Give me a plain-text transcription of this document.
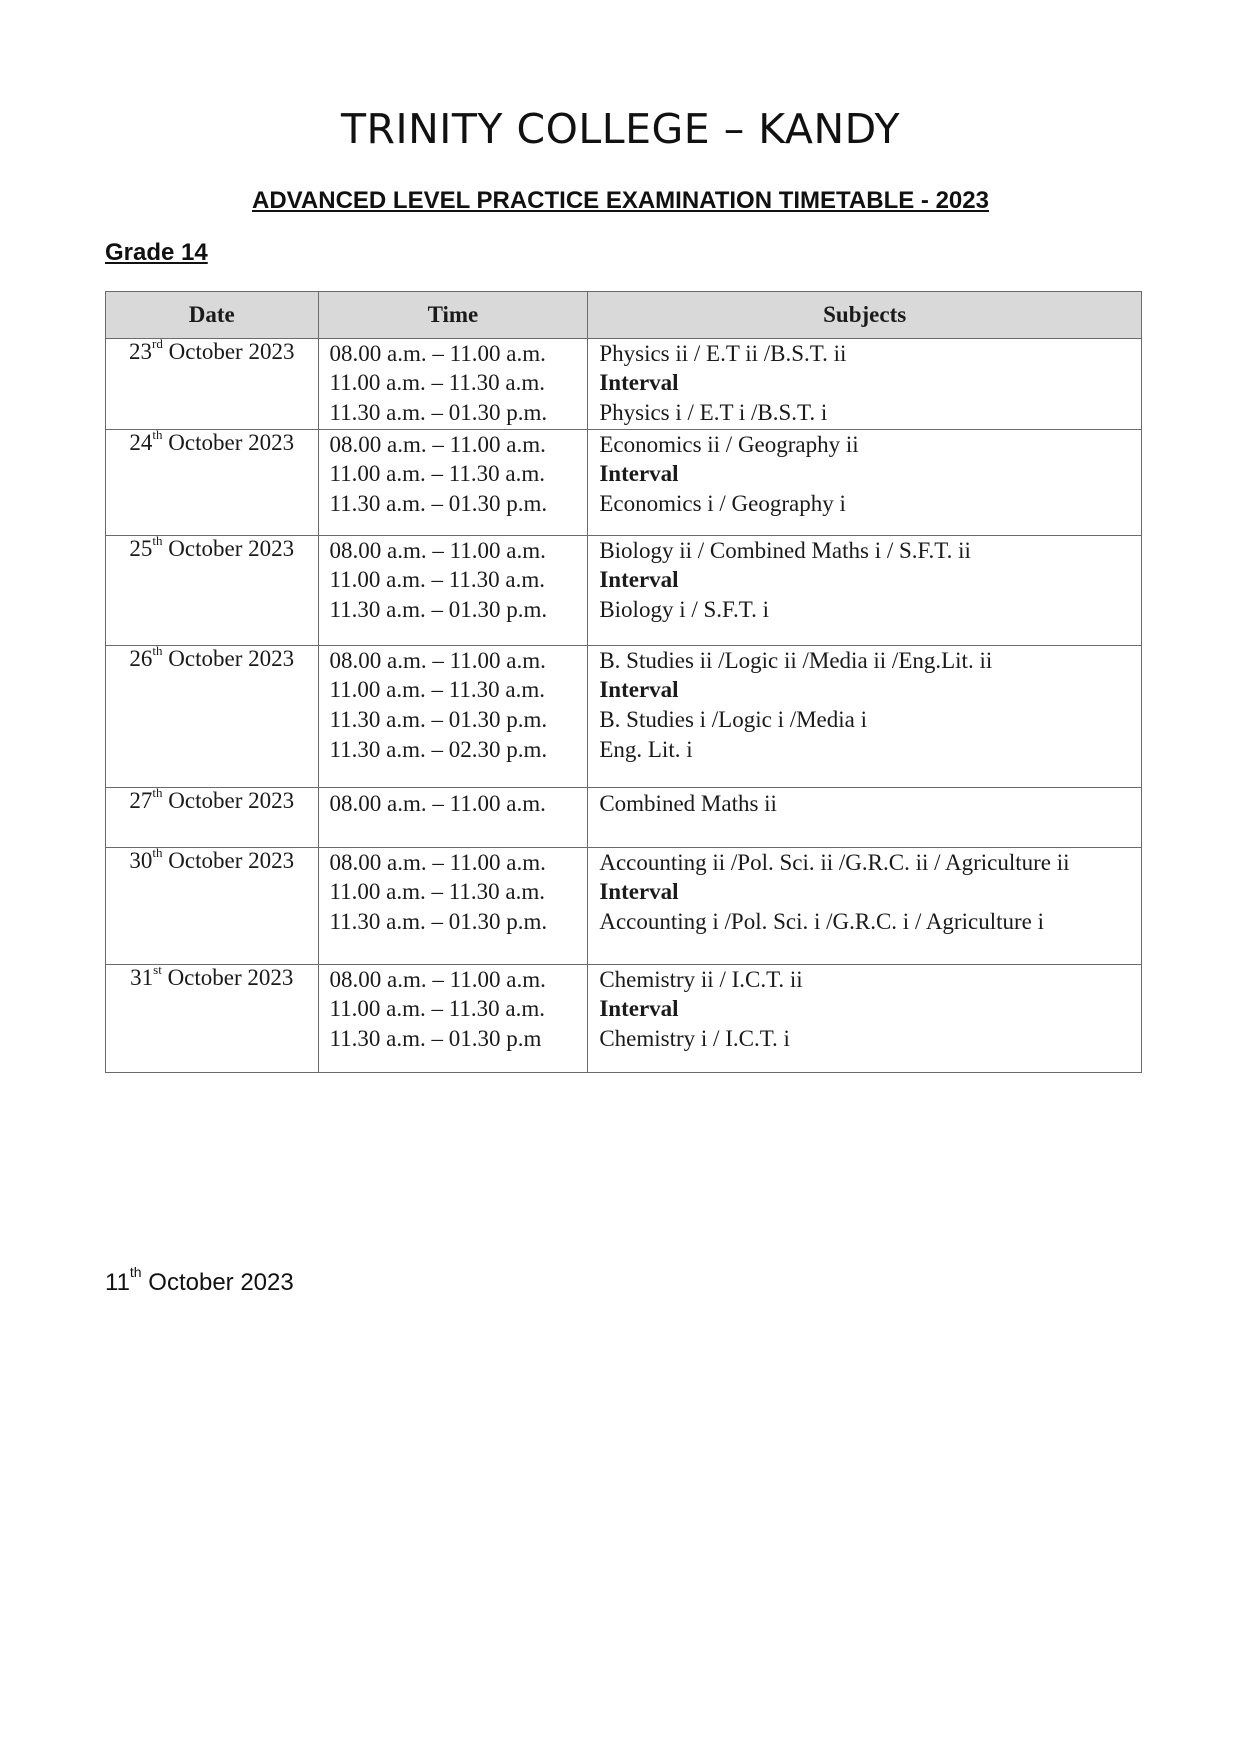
TRINITY COLLEGE – KANDY
ADVANCED LEVEL PRACTICE EXAMINATION TIMETABLE - 2023
Grade 14
Date	Time	Subjects
23rd October 2023	08.00 a.m. – 11.00 a.m.
11.00 a.m. – 11.30 a.m.
11.30 a.m. – 01.30 p.m.	Physics ii / E.T ii /B.S.T. ii
Interval
Physics i / E.T i /B.S.T. i

24th October 2023	08.00 a.m. – 11.00 a.m.
11.00 a.m. – 11.30 a.m.
11.30 a.m. – 01.30 p.m.	Economics ii / Geography ii
Interval
Economics i / Geography i

25th October 2023	08.00 a.m. – 11.00 a.m.
11.00 a.m. – 11.30 a.m.
11.30 a.m. – 01.30 p.m.	Biology ii / Combined Maths i / S.F.T. ii
Interval
Biology i / S.F.T. i

26th October 2023	08.00 a.m. – 11.00 a.m.
11.00 a.m. – 11.30 a.m.
11.30 a.m. – 01.30 p.m.
11.30 a.m. – 02.30 p.m.	B. Studies ii /Logic ii /Media ii /Eng.Lit. ii
Interval
B. Studies i /Logic i /Media i
Eng. Lit. i

27th October 2023	08.00 a.m. – 11.00 a.m.	Combined Maths ii

30th October 2023	08.00 a.m. – 11.00 a.m.
11.00 a.m. – 11.30 a.m.
11.30 a.m. – 01.30 p.m.	Accounting ii /Pol. Sci. ii /G.R.C. ii / Agriculture ii
Interval
Accounting i /Pol. Sci. i /G.R.C. i / Agriculture i

31st October 2023	08.00 a.m. – 11.00 a.m.
11.00 a.m. – 11.30 a.m.
11.30 a.m. – 01.30 p.m	Chemistry ii / I.C.T. ii
Interval
Chemistry i / I.C.T. i

11th October 2023
